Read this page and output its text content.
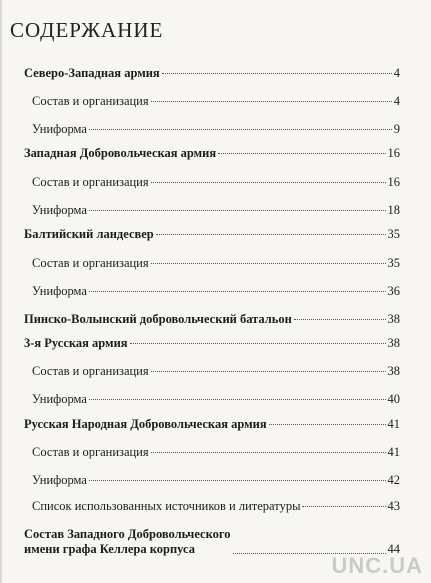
СОДЕРЖАНИЕ
Северо-Западная армия	4
Состав и организация	4
Униформа	9
Западная Добровольческая армия	16
Состав и организация	16
Униформа	18
Балтийский ландесвер	35
Состав и организация	35
Униформа	36
Пинско-Волынский добровольческий батальон	38
3-я Русская армия	38
Состав и организация	38
Униформа	40
Русская Народная Добровольческая армия	41
Состав и организация	41
Униформа	42
Список использованных источников и литературы	43
Состав Западного Добровольческого
имени графа Келлера корпуса	44
UNC.UA
